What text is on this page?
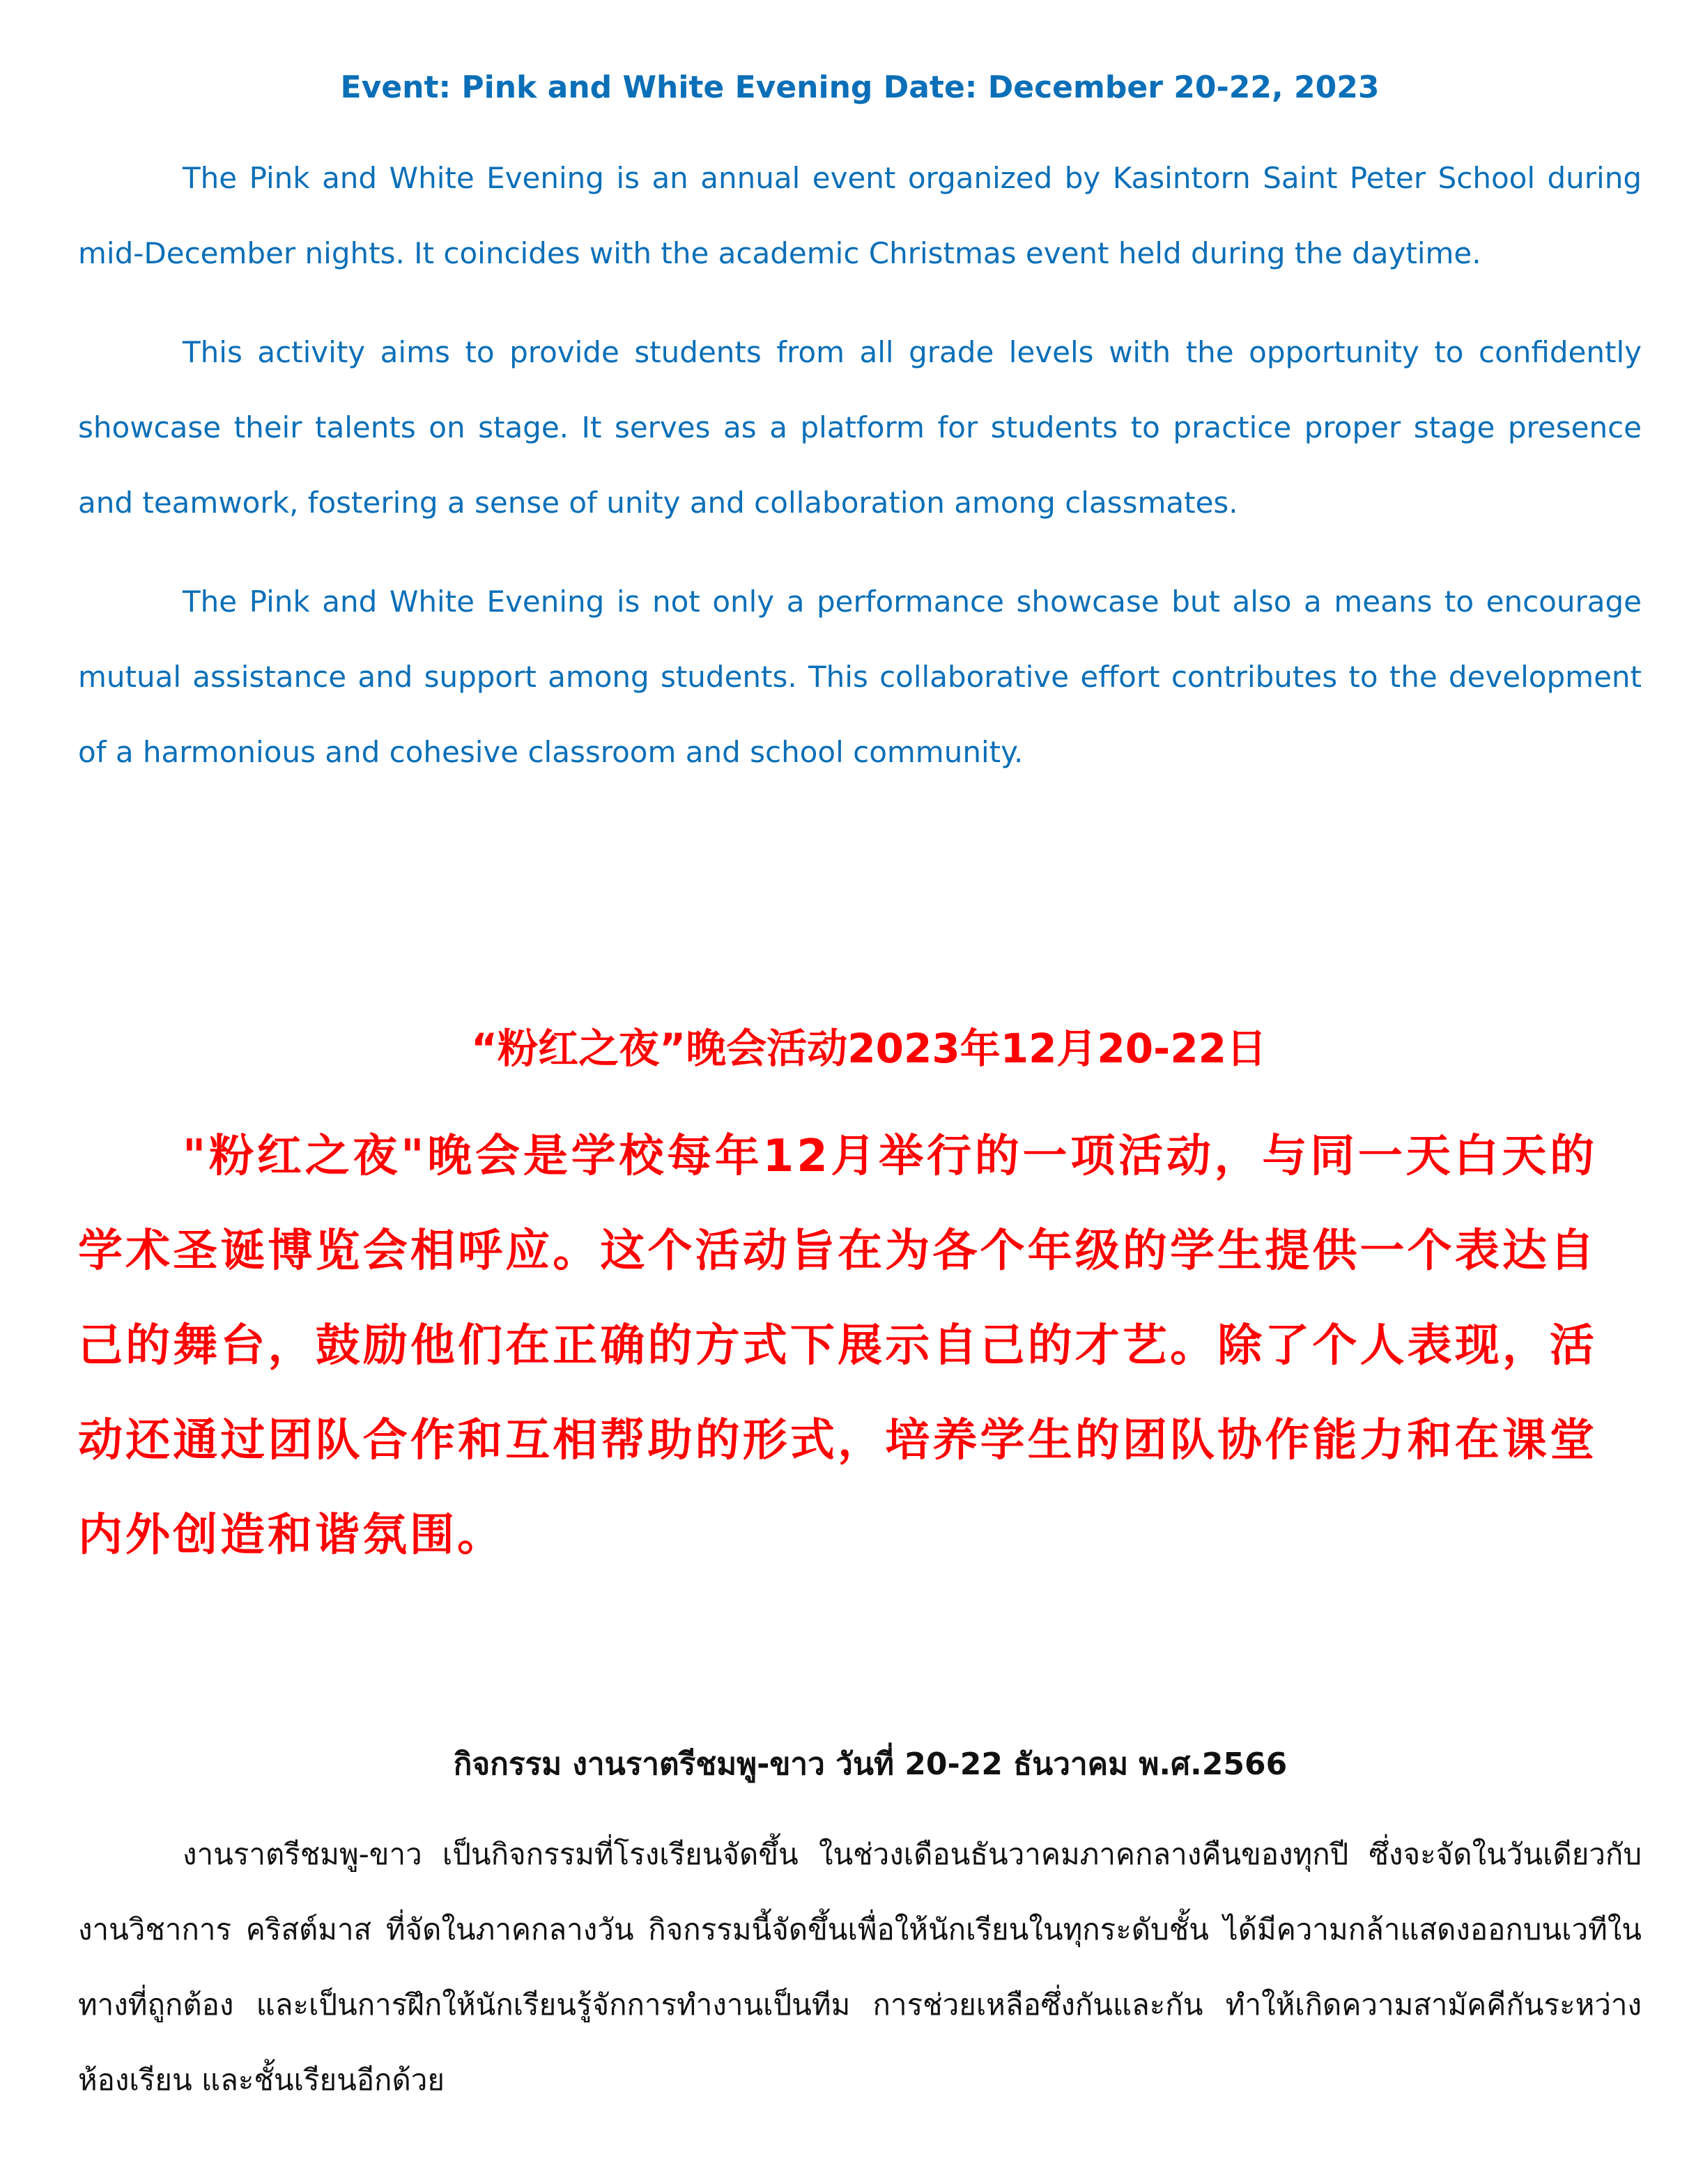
Event: Pink and White Evening Date: December 20-22, 2023

The Pink and White Evening is an annual event organized by Kasintorn Saint Peter School during mid-December nights. It coincides with the academic Christmas event held during the daytime.

This activity aims to provide students from all grade levels with the opportunity to confidently showcase their talents on stage. It serves as a platform for students to practice proper stage presence and teamwork, fostering a sense of unity and collaboration among classmates.

The Pink and White Evening is not only a performance showcase but also a means to encourage mutual assistance and support among students. This collaborative effort contributes to the development of a harmonious and cohesive classroom and school community.

“粉红之夜”晚会活动2023年12月20-22日

"粉红之夜"晚会是学校每年12月举行的一项活动，与同一天白天的学术圣诞博览会相呼应。这个活动旨在为各个年级的学生提供一个表达自己的舞台，鼓励他们在正确的方式下展示自己的才艺。除了个人表现，活动还通过团队合作和互相帮助的形式，培养学生的团队协作能力和在课堂内外创造和谐氛围。

กิจกรรม งานราตรีชมพู-ขาว วันที่ 20-22 ธันวาคม พ.ศ.2566

งานราตรีชมพู-ขาว เป็นกิจกรรมที่โรงเรียนจัดขึ้น ในช่วงเดือนธันวาคมภาคกลางคืนของทุกปี ซึ่งจะจัดในวันเดียวกับงานวิชาการ คริสต์มาส ที่จัดในภาคกลางวัน กิจกรรมนี้จัดขึ้นเพื่อให้นักเรียนในทุกระดับชั้น ได้มีความกล้าแสดงออกบนเวทีในทางที่ถูกต้อง และเป็นการฝึกให้นักเรียนรู้จักการทำงานเป็นทีม การช่วยเหลือซึ่งกันและกัน ทำให้เกิดความสามัคคีกันระหว่างห้องเรียน และชั้นเรียนอีกด้วย
